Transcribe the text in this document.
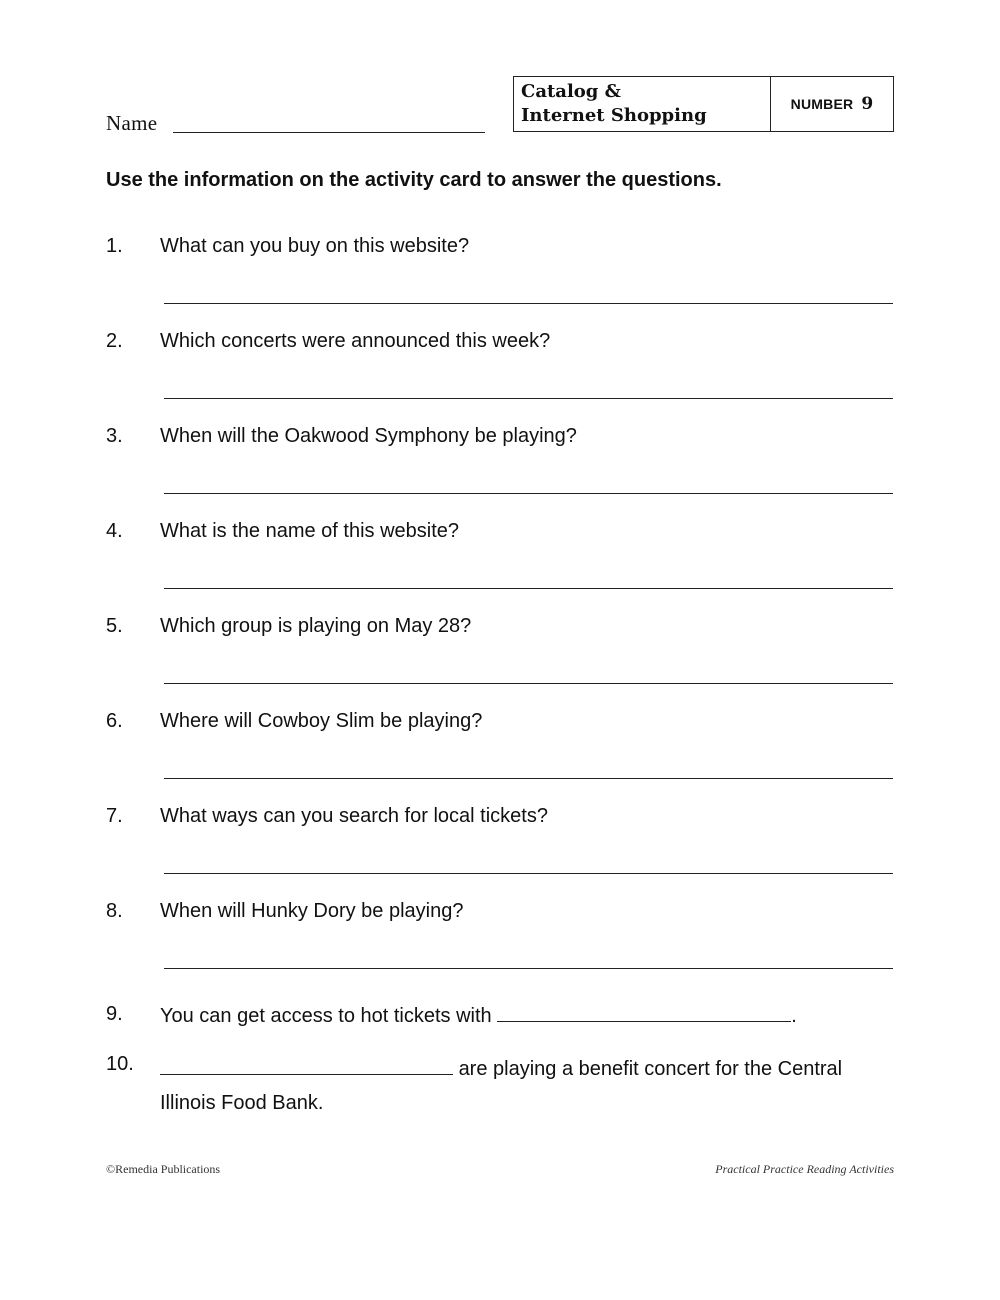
Name
Catalog &
Internet Shopping
NUMBER 9
Use the information on the activity card to answer the questions.
1. What can you buy on this website?
2. Which concerts were announced this week?
3. When will the Oakwood Symphony be playing?
4. What is the name of this website?
5. Which group is playing on May 28?
6. Where will Cowboy Slim be playing?
7. What ways can you search for local tickets?
8. When will Hunky Dory be playing?
9. You can get access to hot tickets with	.
10.	are playing a benefit concert for the Central
Illinois Food Bank.
©Remedia Publications	Practical Practice Reading Activities
